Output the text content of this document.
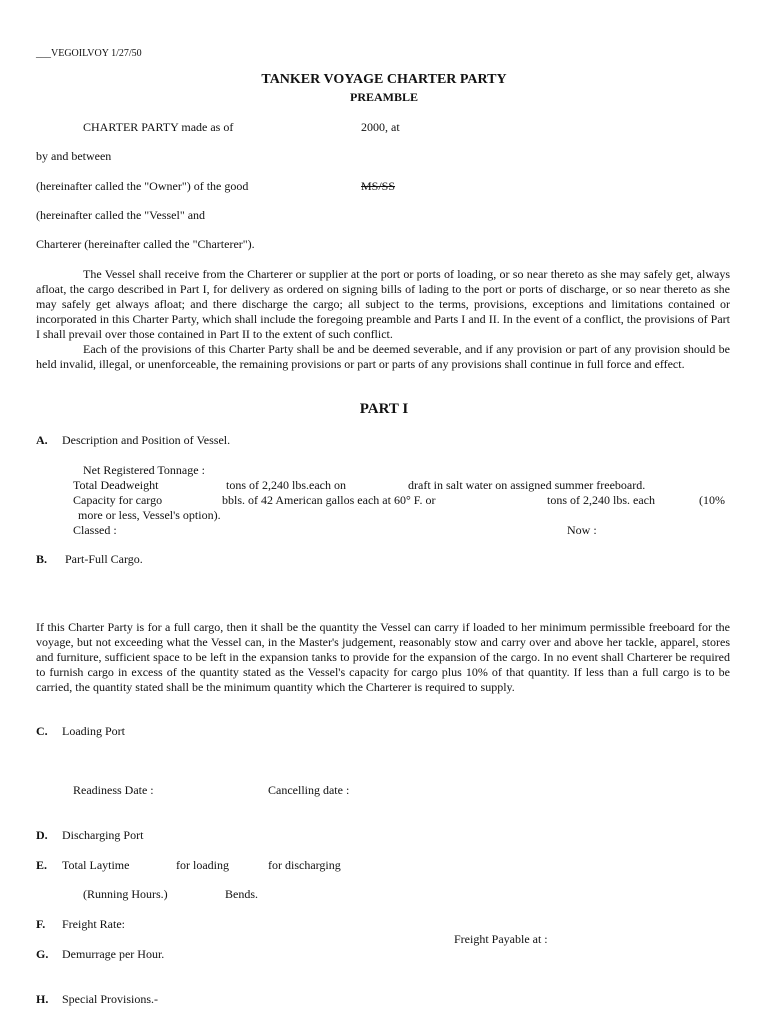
___VEGOILVOY 1/27/50
TANKER VOYAGE CHARTER PARTY
PREAMBLE
CHARTER PARTY made as of	2000, at
by and between
(hereinafter called the "Owner") of the good	MS/SS
(hereinafter called the "Vessel" and
Charterer (hereinafter called the "Charterer").

The Vessel shall receive from the Charterer or supplier at the port or ports of loading, or so near thereto as she may safely get, always afloat, the cargo described in Part I, for delivery as ordered on signing bills of lading to the port or ports of discharge, or so near thereto as she may safely get always afloat; and there discharge the cargo; all subject to the terms, provisions, exceptions and limitations contained or incorporated in this Charter Party, which shall include the foregoing preamble and Parts I and II. In the event of a conflict, the provisions of Part I shall prevail over those contained in Part II to the extent of such conflict.

Each of the provisions of this Charter Party shall be and be deemed severable, and if any provision or part of any provision should be held invalid, illegal, or unenforceable, the remaining provisions or part or parts of any provisions shall continue in full force and effect.

PART I
A. Description and Position of Vessel.
Net Registered Tonnage :
Total Deadweight	tons of 2,240 lbs.each on	draft in salt water on assigned summer freeboard.
Capacity for cargo	bbls. of 42 American gallos each at 60° F. or	tons of 2,240 lbs. each	(10%
more or less, Vessel's option).
Classed :	Now :
B. Part-Full Cargo.

If this Charter Party is for a full cargo, then it shall be the quantity the Vessel can carry if loaded to her minimum permissible freeboard for the voyage, but not exceeding what the Vessel can, in the Master's judgement, reasonably stow and carry over and above her tackle, apparel, stores and furniture, sufficient space to be left in the expansion tanks to provide for the expansion of the cargo. In no event shall Charterer be required to furnish cargo in excess of the quantity stated as the Vessel's capacity for cargo plus 10% of that quantity. If less than a full cargo is to be carried, the quantity stated shall be the minimum quantity which the Charterer is required to supply.

C. Loading Port
Readiness Date :	Cancelling date :
D. Discharging Port
E. Total Laytime	for loading	for discharging
(Running Hours.)	Bends.
F. Freight Rate:
Freight Payable at :
G. Demurrage per Hour.
H. Special Provisions.-
